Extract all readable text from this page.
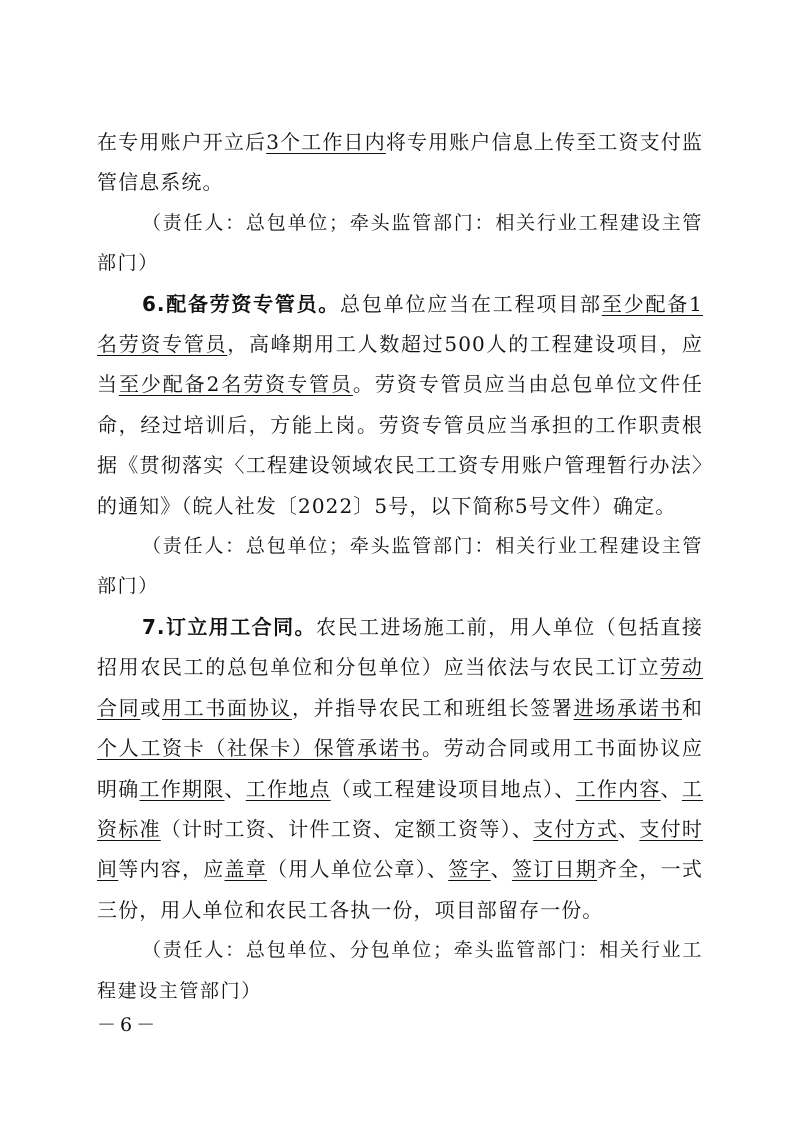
在专用账户开立后3个工作日内将专用账户信息上传至工资支付监管信息系统。

（责任人：总包单位；牵头监管部门：相关行业工程建设主管部门）

6.配备劳资专管员。总包单位应当在工程项目部至少配备1名劳资专管员，高峰期用工人数超过500人的工程建设项目，应当至少配备2名劳资专管员。劳资专管员应当由总包单位文件任命，经过培训后，方能上岗。劳资专管员应当承担的工作职责根据《贯彻落实〈工程建设领域农民工工资专用账户管理暂行办法〉的通知》（皖人社发〔2022〕5号，以下简称5号文件）确定。

（责任人：总包单位；牵头监管部门：相关行业工程建设主管部门）

7.订立用工合同。农民工进场施工前，用人单位（包括直接招用农民工的总包单位和分包单位）应当依法与农民工订立劳动合同或用工书面协议，并指导农民工和班组长签署进场承诺书和个人工资卡（社保卡）保管承诺书。劳动合同或用工书面协议应明确工作期限、工作地点（或工程建设项目地点）、工作内容、工资标准（计时工资、计件工资、定额工资等）、支付方式、支付时间等内容，应盖章（用人单位公章）、签字、签订日期齐全，一式三份，用人单位和农民工各执一份，项目部留存一份。

（责任人：总包单位、分包单位；牵头监管部门：相关行业工程建设主管部门）

－6－
